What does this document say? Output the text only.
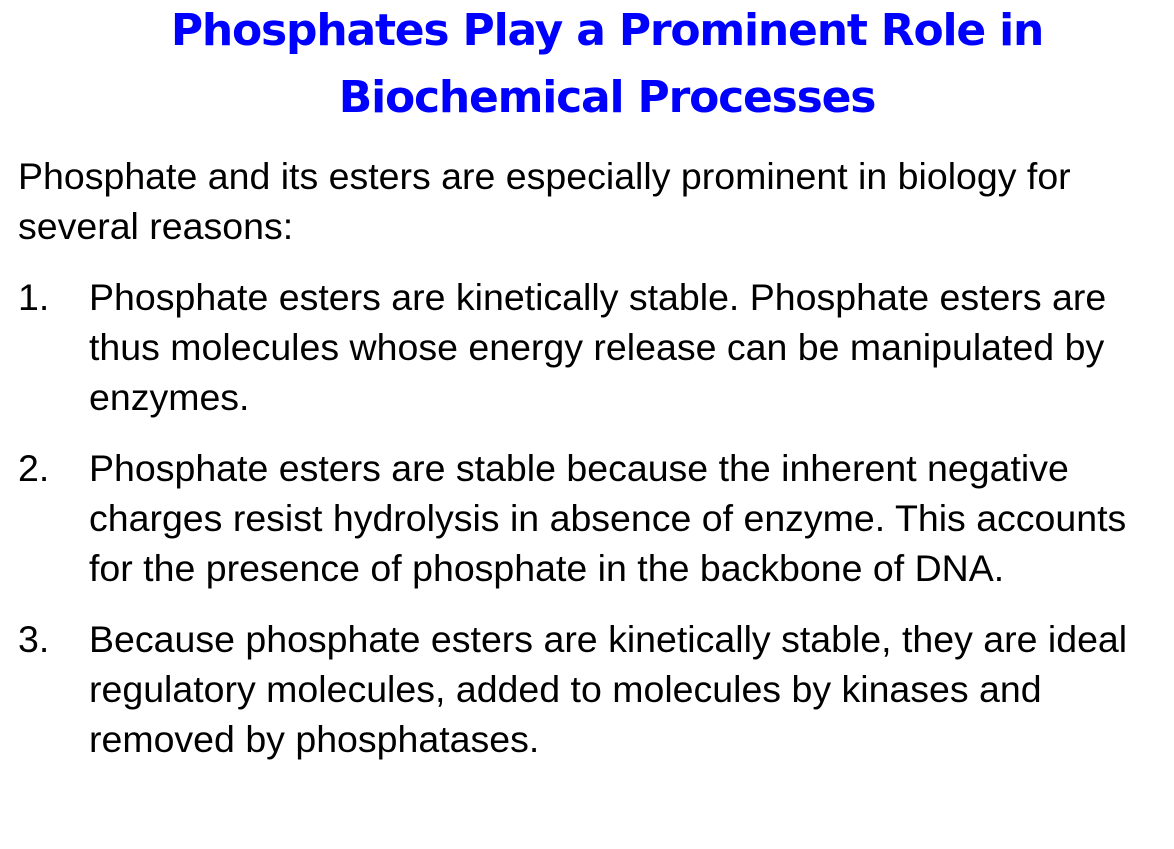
Phosphates Play a Prominent Role in
Biochemical Processes

Phosphate and its esters are especially prominent in biology for several reasons:

1. Phosphate esters are kinetically stable. Phosphate esters are thus molecules whose energy release can be manipulated by enzymes.
2. Phosphate esters are stable because the inherent negative charges resist hydrolysis in absence of enzyme. This accounts for the presence of phosphate in the backbone of DNA.
3. Because phosphate esters are kinetically stable, they are ideal regulatory molecules, added to molecules by kinases and removed by phosphatases.
